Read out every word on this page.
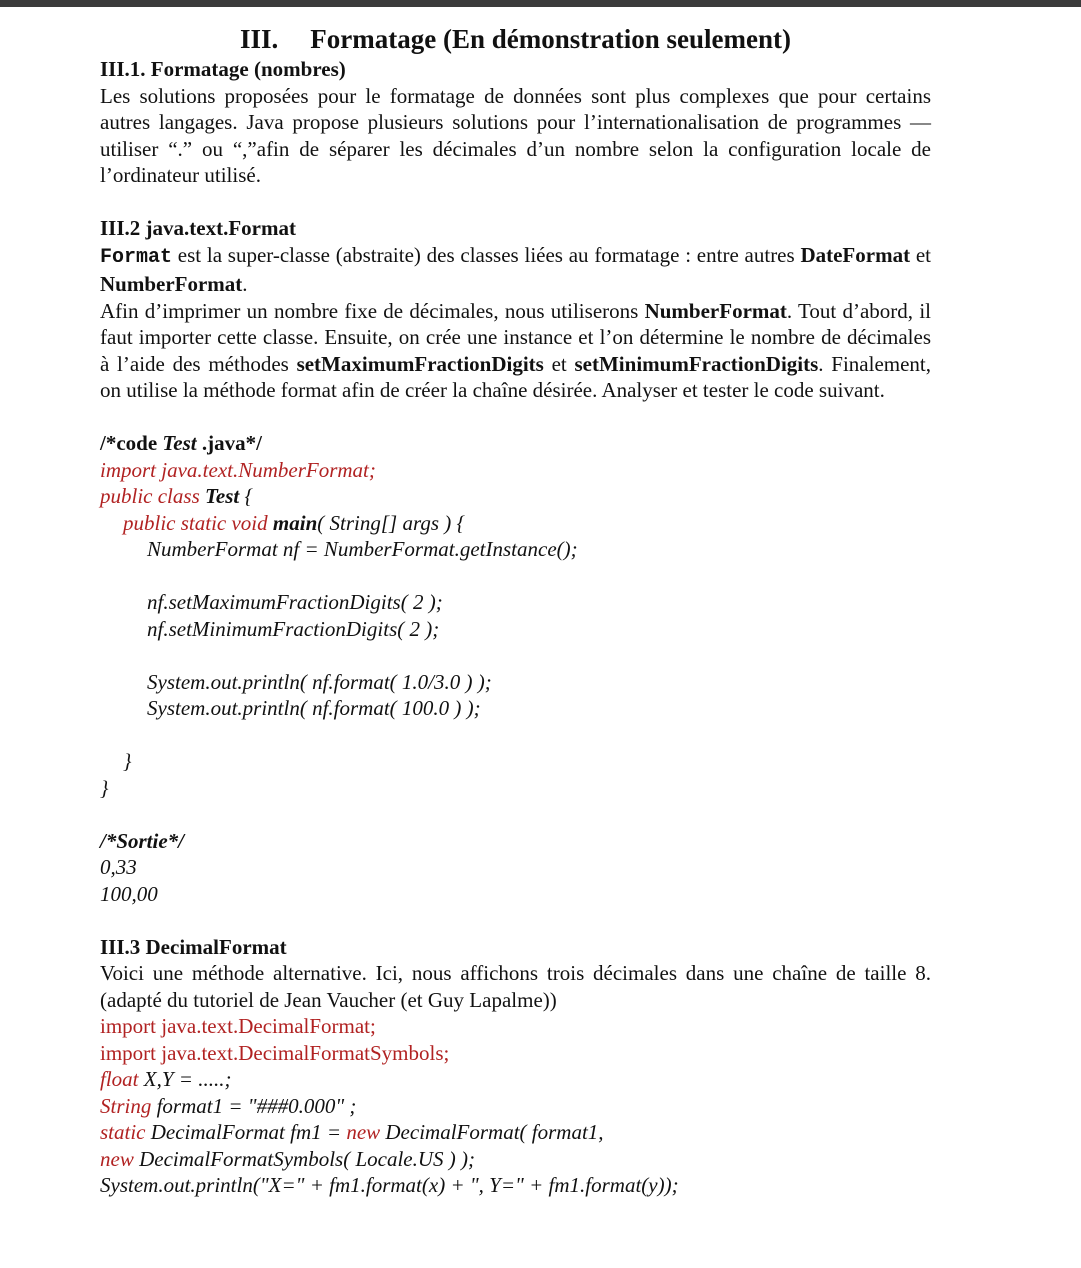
III. Formatage (En démonstration seulement)
III.1. Formatage (nombres)

Les solutions proposées pour le formatage de données sont plus complexes que pour certains autres langages. Java propose plusieurs solutions pour l’internationalisation de programmes — utiliser “.” ou “,”afin de séparer les décimales d’un nombre selon la configuration locale de l’ordinateur utilisé.

III.2 java.text.Format

Format est la super-classe (abstraite) des classes liées au formatage : entre autres DateFormat et NumberFormat.

Afin d’imprimer un nombre fixe de décimales, nous utiliserons NumberFormat. Tout d’abord, il faut importer cette classe. Ensuite, on crée une instance et l’on détermine le nombre de décimales à l’aide des méthodes setMaximumFractionDigits et setMinimumFractionDigits. Finalement, on utilise la méthode format afin de créer la chaîne désirée. Analyser et tester le code suivant.

/*code Test .java*/
import java.text.NumberFormat;
public class Test {
public static void main( String[] args ) {
NumberFormat nf = NumberFormat.getInstance();
nf.setMaximumFractionDigits( 2 );
nf.setMinimumFractionDigits( 2 );
System.out.println( nf.format( 1.0/3.0 ) );
System.out.println( nf.format( 100.0 ) );
}
}
/*Sortie*/
0,33
100,00
III.3 DecimalFormat

Voici une méthode alternative. Ici, nous affichons trois décimales dans une chaîne de taille 8. (adapté du tutoriel de Jean Vaucher (et Guy Lapalme))

import java.text.DecimalFormat;
import java.text.DecimalFormatSymbols;
float X,Y = .....;
String format1 = "###0.000" ;
static DecimalFormat fm1 = new DecimalFormat( format1,
new DecimalFormatSymbols( Locale.US ) );
System.out.println("X=" + fm1.format(x) + ", Y=" + fm1.format(y));
